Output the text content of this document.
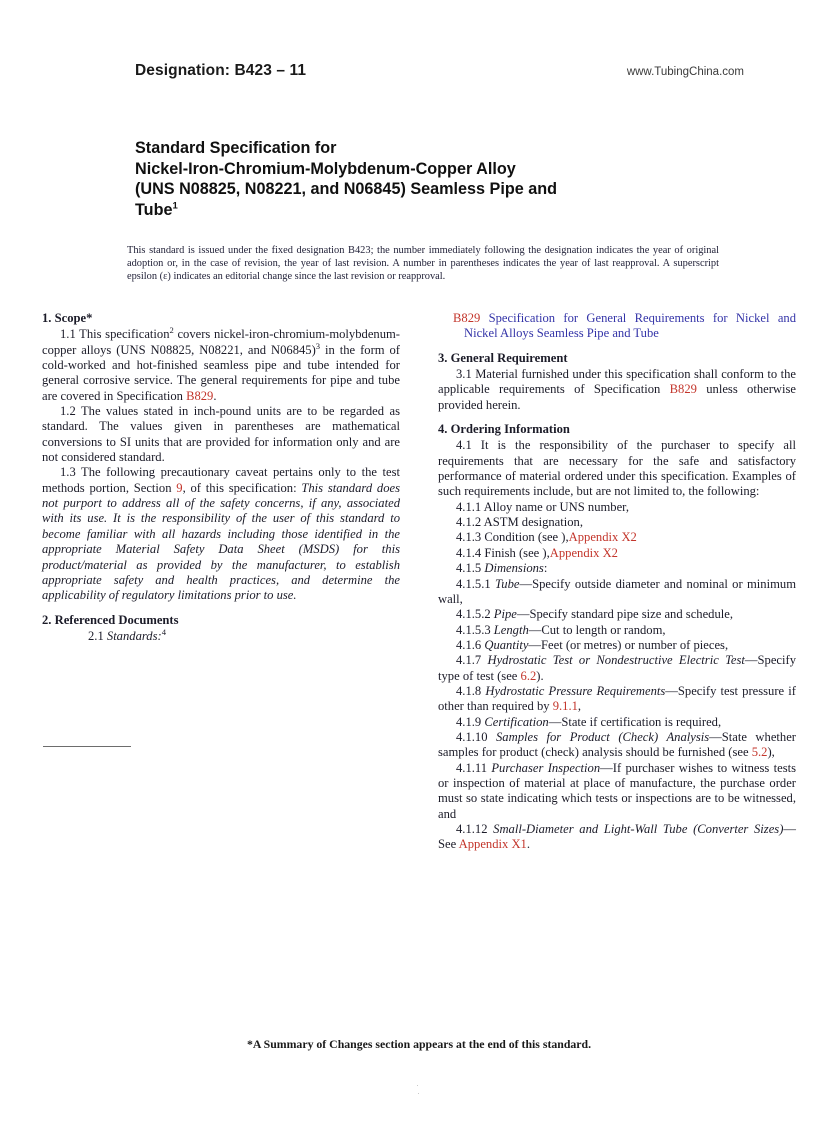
Designation: B423 – 11	www.TubingChina.com
Standard Specification for
Nickel-Iron-Chromium-Molybdenum-Copper Alloy
(UNS N08825, N08221, and N06845) Seamless Pipe and
Tube$^1$
This standard is issued under the fixed designation B423; the number immediately following the designation indicates the year of original adoption or, in the case of revision, the year of last revision. A number in parentheses indicates the year of last reapproval. A superscript epsilon (ε) indicates an editorial change since the last revision or reapproval.
1. Scope*

1.1 This specification$^2$ covers nickel-iron-chromium-molybdenum-copper alloys (UNS N08825, N08221, and N06845)$^3$ in the form of cold-worked and hot-finished seamless pipe and tube intended for general corrosive service. The general requirements for pipe and tube are covered in Specification B829.

1.2 The values stated in inch-pound units are to be regarded as standard. The values given in parentheses are mathematical conversions to SI units that are provided for information only and are not considered standard.

1.3 The following precautionary caveat pertains only to the test methods portion, Section 9, of this specification: This standard does not purport to address all of the safety concerns, if any, associated with its use. It is the responsibility of the user of this standard to become familiar with all hazards including those identified in the appropriate Material Safety Data Sheet (MSDS) for this product/material as provided by the manufacturer, to establish appropriate safety and health practices, and determine the applicability of regulatory limitations prior to use.

2. Referenced Documents

2.1 Standards:$^4$

B829 Specification for General Requirements for Nickel and Nickel Alloys Seamless Pipe and Tube

3. General Requirement

3.1 Material furnished under this specification shall conform to the applicable requirements of Specification B829 unless otherwise provided herein.

4. Ordering Information

4.1 It is the responsibility of the purchaser to specify all requirements that are necessary for the safe and satisfactory performance of material ordered under this specification. Examples of such requirements include, but are not limited to, the following:

4.1.1 Alloy name or UNS number,

4.1.2 ASTM designation,

4.1.3 Condition (see ),Appendix X2

4.1.4 Finish (see ),Appendix X2

4.1.5 Dimensions:

4.1.5.1 Tube—Specify outside diameter and nominal or minimum wall,

4.1.5.2 Pipe—Specify standard pipe size and schedule,

4.1.5.3 Length—Cut to length or random,

4.1.6 Quantity—Feet (or metres) or number of pieces,

4.1.7 Hydrostatic Test or Nondestructive Electric Test—Specify type of test (see 6.2).

4.1.8 Hydrostatic Pressure Requirements—Specify test pressure if other than required by 9.1.1,

4.1.9 Certification—State if certification is required,

4.1.10 Samples for Product (Check) Analysis—State whether samples for product (check) analysis should be furnished (see 5.2),

4.1.11 Purchaser Inspection—If purchaser wishes to witness tests or inspection of material at place of manufacture, the purchase order must so state indicating which tests or inspections are to be witnessed, and

4.1.12 Small-Diameter and Light-Wall Tube (Converter Sizes)—See Appendix X1.

*A Summary of Changes section appears at the end of this standard.
